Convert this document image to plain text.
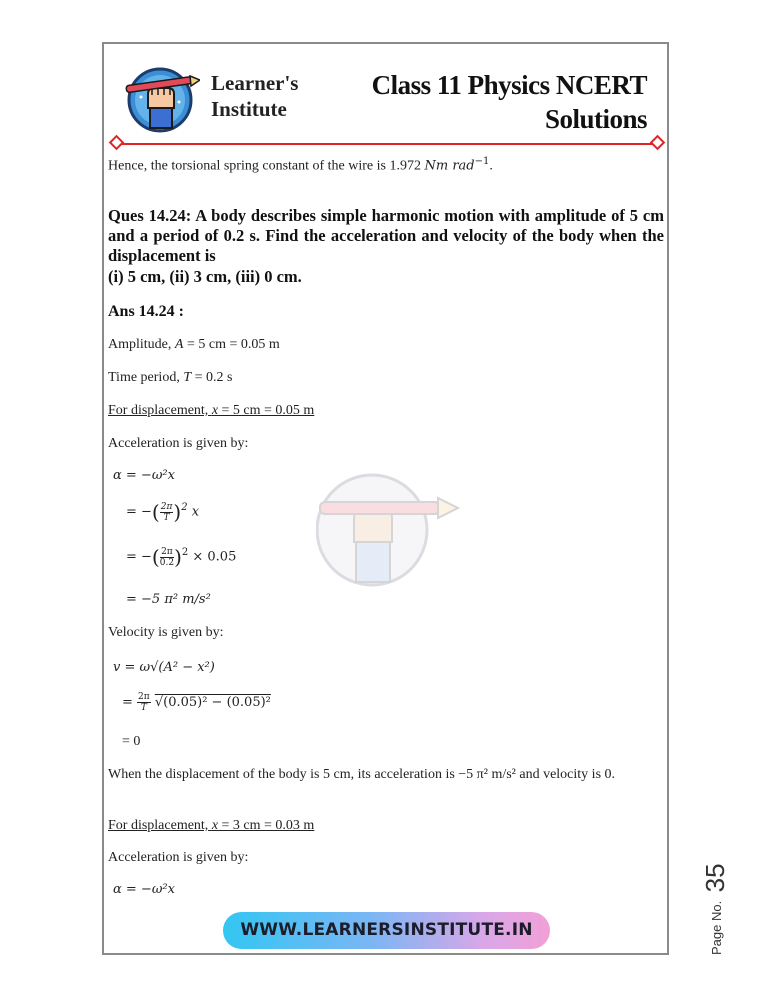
Learner's
Institute
Class 11 Physics NCERT
Solutions

Hence, the torsional spring constant of the wire is 1.972 Nm rad$^{-1}$.

Ques 14.24: A body describes simple harmonic motion with amplitude of 5 cm and a period of 0.2 s. Find the acceleration and velocity of the body when the displacement is

(i) 5 cm, (ii) 3 cm, (iii) 0 cm.

Ans 14.24 :

Amplitude, A = 5 cm = 0.05 m

Time period, T = 0.2 s

For displacement, x = 5 cm = 0.05 m

Acceleration is given by:

α = −ω²x

= −( $\frac{2\pi}{T} )^2$ x

= −( $\frac{2\pi}{0.2} )^2 \times 0.05$

= −5 π² m/s²

Velocity is given by:

v = ω√(A² − x²)

= $\frac{2\pi}{T} √(0.05)^2 - (0.05)^2$

= 0

When the displacement of the body is 5 cm, its acceleration is −5 π² m/s² and velocity is 0.

For displacement, x = 3 cm = 0.03 m

Acceleration is given by:

α = −ω²x

WWW.LEARNERSINSTITUTE.IN	Page No. 35
